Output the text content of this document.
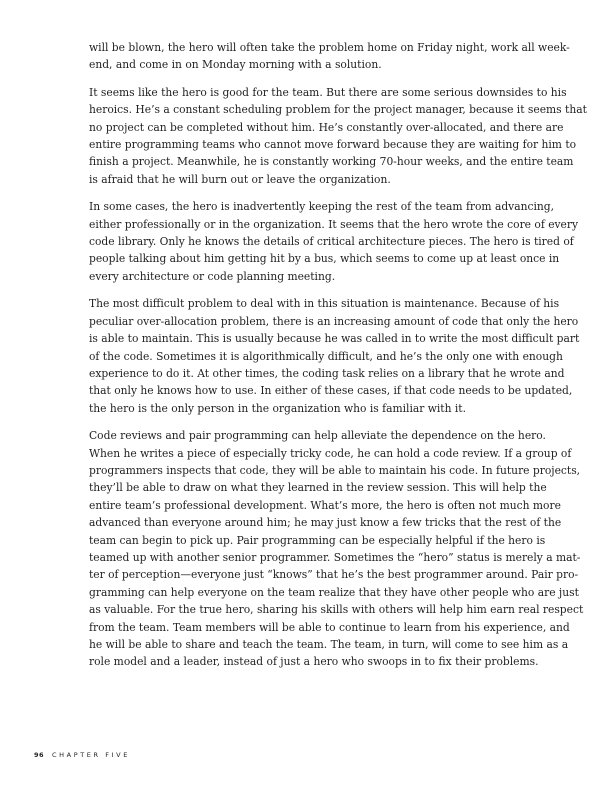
will be blown, the hero will often take the problem home on Friday night, work all week-
end, and come in on Monday morning with a solution.

It seems like the hero is good for the team. But there are some serious downsides to his
heroics. He’s a constant scheduling problem for the project manager, because it seems that
no project can be completed without him. He’s constantly over-allocated, and there are
entire programming teams who cannot move forward because they are waiting for him to
finish a project. Meanwhile, he is constantly working 70-hour weeks, and the entire team
is afraid that he will burn out or leave the organization.

In some cases, the hero is inadvertently keeping the rest of the team from advancing,
either professionally or in the organization. It seems that the hero wrote the core of every
code library. Only he knows the details of critical architecture pieces. The hero is tired of
people talking about him getting hit by a bus, which seems to come up at least once in
every architecture or code planning meeting.

The most difficult problem to deal with in this situation is maintenance. Because of his
peculiar over-allocation problem, there is an increasing amount of code that only the hero
is able to maintain. This is usually because he was called in to write the most difficult part
of the code. Sometimes it is algorithmically difficult, and he’s the only one with enough
experience to do it. At other times, the coding task relies on a library that he wrote and
that only he knows how to use. In either of these cases, if that code needs to be updated,
the hero is the only person in the organization who is familiar with it.

Code reviews and pair programming can help alleviate the dependence on the hero.
When he writes a piece of especially tricky code, he can hold a code review. If a group of
programmers inspects that code, they will be able to maintain his code. In future projects,
they’ll be able to draw on what they learned in the review session. This will help the
entire team’s professional development. What’s more, the hero is often not much more
advanced than everyone around him; he may just know a few tricks that the rest of the
team can begin to pick up. Pair programming can be especially helpful if the hero is
teamed up with another senior programmer. Sometimes the “hero” status is merely a mat-
ter of perception—everyone just “knows” that he’s the best programmer around. Pair pro-
gramming can help everyone on the team realize that they have other people who are just
as valuable. For the true hero, sharing his skills with others will help him earn real respect
from the team. Team members will be able to continue to learn from his experience, and
he will be able to share and teach the team. The team, in turn, will come to see him as a
role model and a leader, instead of just a hero who swoops in to fix their problems.

96 CHAPTER FIVE
